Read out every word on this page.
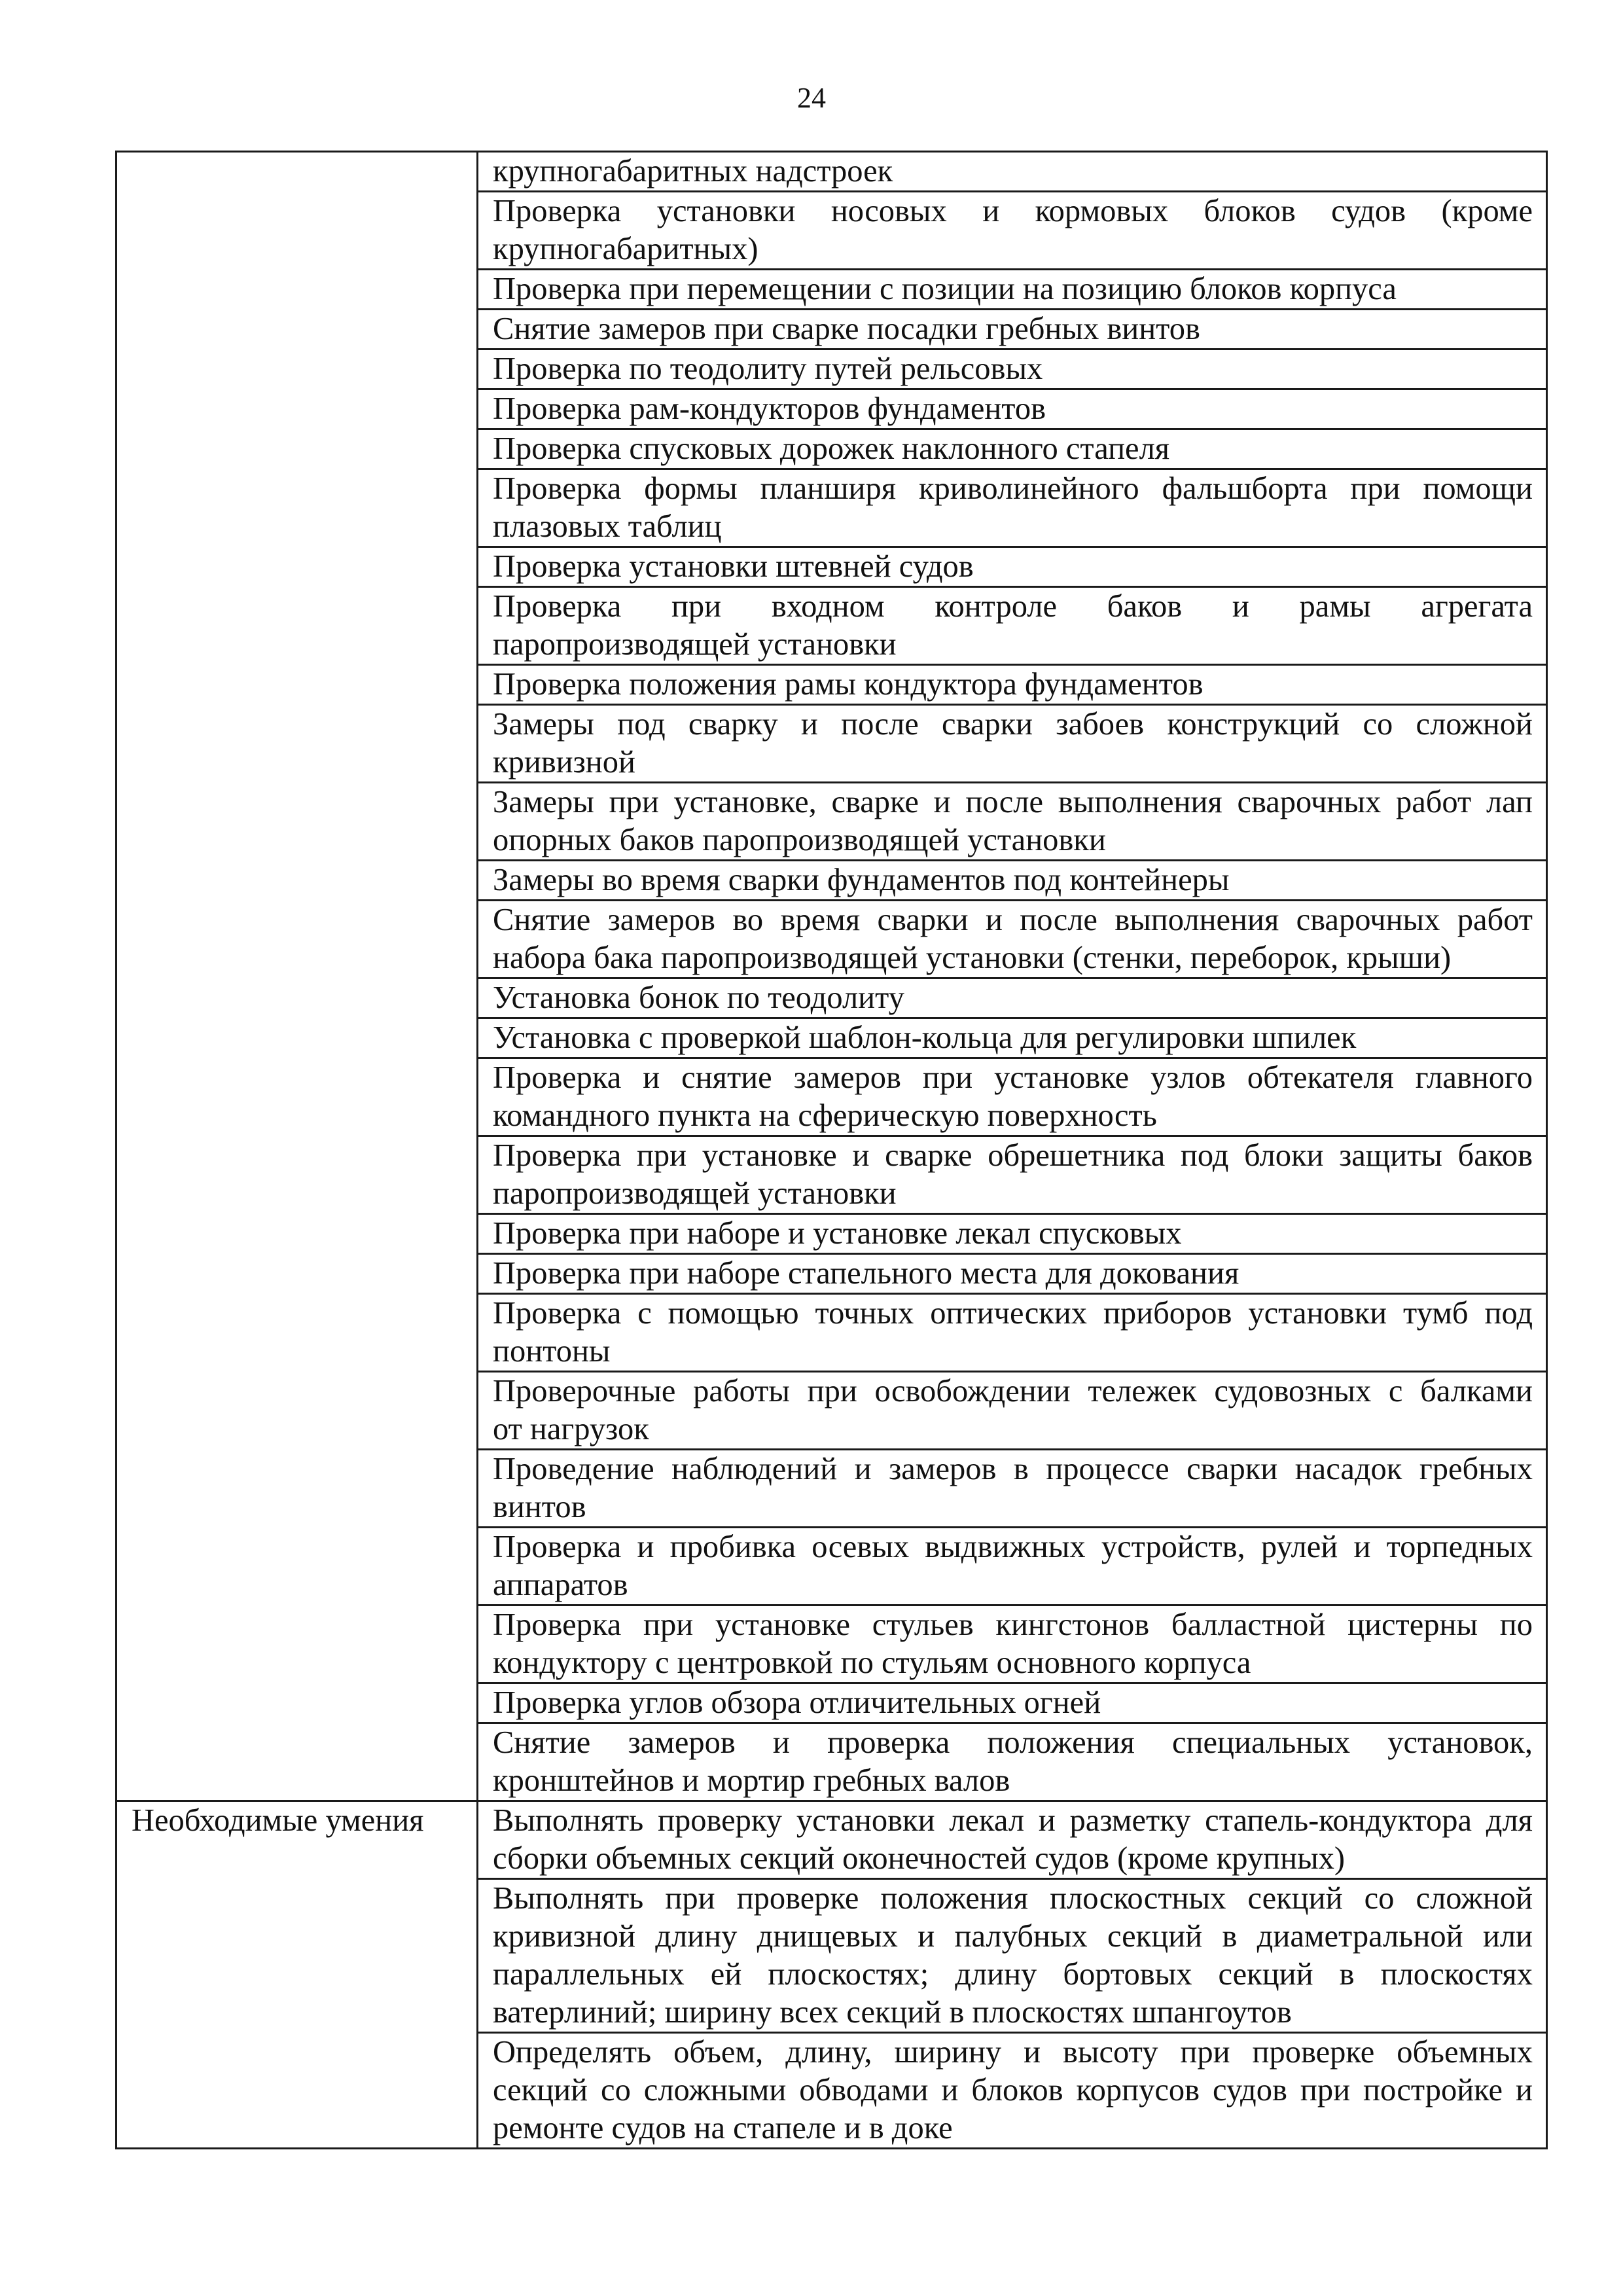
24
	крупногабаритных надстроек

	Проверка установки носовых и кормовых блоков судов (кроме
крупногабаритных)

	Проверка при перемещении с позиции на позицию блоков корпуса
	Снятие замеров при сварке посадки гребных винтов
	Проверка по теодолиту путей рельсовых
	Проверка рам-кондукторов фундаментов
	Проверка спусковых дорожек наклонного стапеля

	Проверка формы планширя криволинейного фальшборта при помощи
плазовых таблиц

	Проверка установки штевней судов

	Проверка при входном контроле баков и рамы агрегата
паропроизводящей установки

	Проверка положения рамы кондуктора фундаментов

	Замеры под сварку и после сварки забоев конструкций со сложной
кривизной

	Замеры при установке, сварке и после выполнения сварочных работ лап
опорных баков паропроизводящей установки

	Замеры во время сварки фундаментов под контейнеры

	Снятие замеров во время сварки и после выполнения сварочных работ
набора бака паропроизводящей установки (стенки, переборок, крыши)

	Установка бонок по теодолиту
	Установка с проверкой шаблон-кольца для регулировки шпилек

	Проверка и снятие замеров при установке узлов обтекателя главного
командного пункта на сферическую поверхность

	Проверка при установке и сварке обрешетника под блоки защиты баков
паропроизводящей установки

	Проверка при наборе и установке лекал спусковых
	Проверка при наборе стапельного места для докования

	Проверка с помощью точных оптических приборов установки тумб под
понтоны

	Проверочные работы при освобождении тележек судовозных с балками
от нагрузок

	Проведение наблюдений и замеров в процессе сварки насадок гребных
винтов

	Проверка и пробивка осевых выдвижных устройств, рулей и торпедных
аппаратов

	Проверка при установке стульев кингстонов балластной цистерны по
кондуктору с центровкой по стульям основного корпуса

	Проверка углов обзора отличительных огней

	Снятие замеров и проверка положения специальных установок,
кронштейнов и мортир гребных валов

Необходимые умения	Выполнять проверку установки лекал и разметку стапель-кондуктора для
сборки объемных секций оконечностей судов (кроме крупных)

	Выполнять при проверке положения плоскостных секций со сложной
кривизной длину днищевых и палубных секций в диаметральной или
параллельных ей плоскостях; длину бортовых секций в плоскостях
ватерлиний; ширину всех секций в плоскостях шпангоутов

	Определять объем, длину, ширину и высоту при проверке объемных
секций со сложными обводами и блоков корпусов судов при постройке и
ремонте судов на стапеле и в доке
